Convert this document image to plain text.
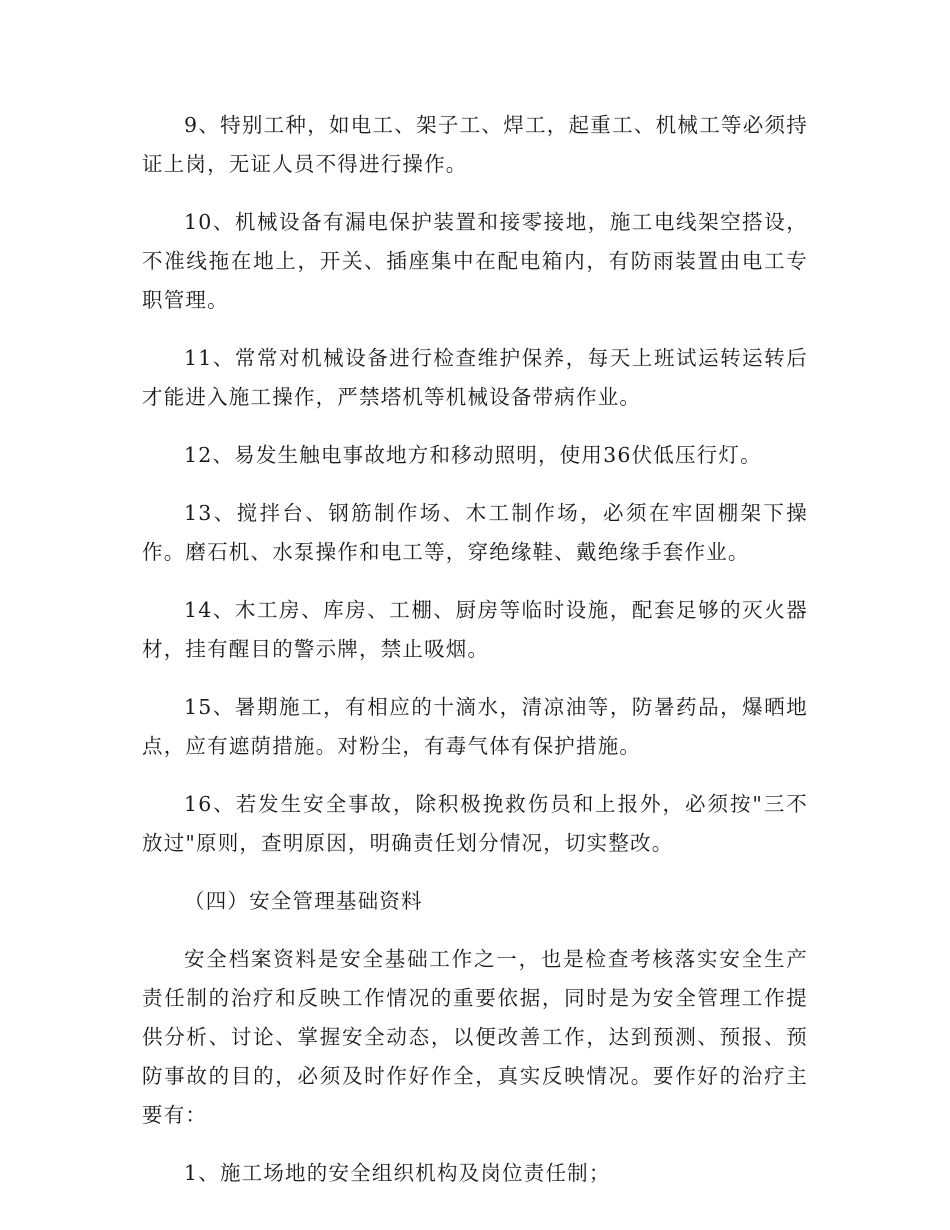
9、特别工种，如电工、架子工、焊工，起重工、机械工等必须持证上岗，无证人员不得进行操作。

10、机械设备有漏电保护装置和接零接地，施工电线架空搭设，不准线拖在地上，开关、插座集中在配电箱内，有防雨装置由电工专职管理。

11、常常对机械设备进行检查维护保养，每天上班试运转运转后才能进入施工操作，严禁塔机等机械设备带病作业。

12、易发生触电事故地方和移动照明，使用36伏低压行灯。

13、搅拌台、钢筋制作场、木工制作场，必须在牢固棚架下操作。磨石机、水泵操作和电工等，穿绝缘鞋、戴绝缘手套作业。

14、木工房、库房、工棚、厨房等临时设施，配套足够的灭火器材，挂有醒目的警示牌，禁止吸烟。

15、暑期施工，有相应的十滴水，清凉油等，防暑药品，爆晒地点，应有遮荫措施。对粉尘，有毒气体有保护措施。

16、若发生安全事故，除积极挽救伤员和上报外，必须按"三不放过"原则，查明原因，明确责任划分情况，切实整改。

（四）安全管理基础资料

安全档案资料是安全基础工作之一，也是检查考核落实安全生产责任制的治疗和反映工作情况的重要依据，同时是为安全管理工作提供分析、讨论、掌握安全动态，以便改善工作，达到预测、预报、预防事故的目的，必须及时作好作全，真实反映情况。要作好的治疗主要有：

1、施工场地的安全组织机构及岗位责任制；
